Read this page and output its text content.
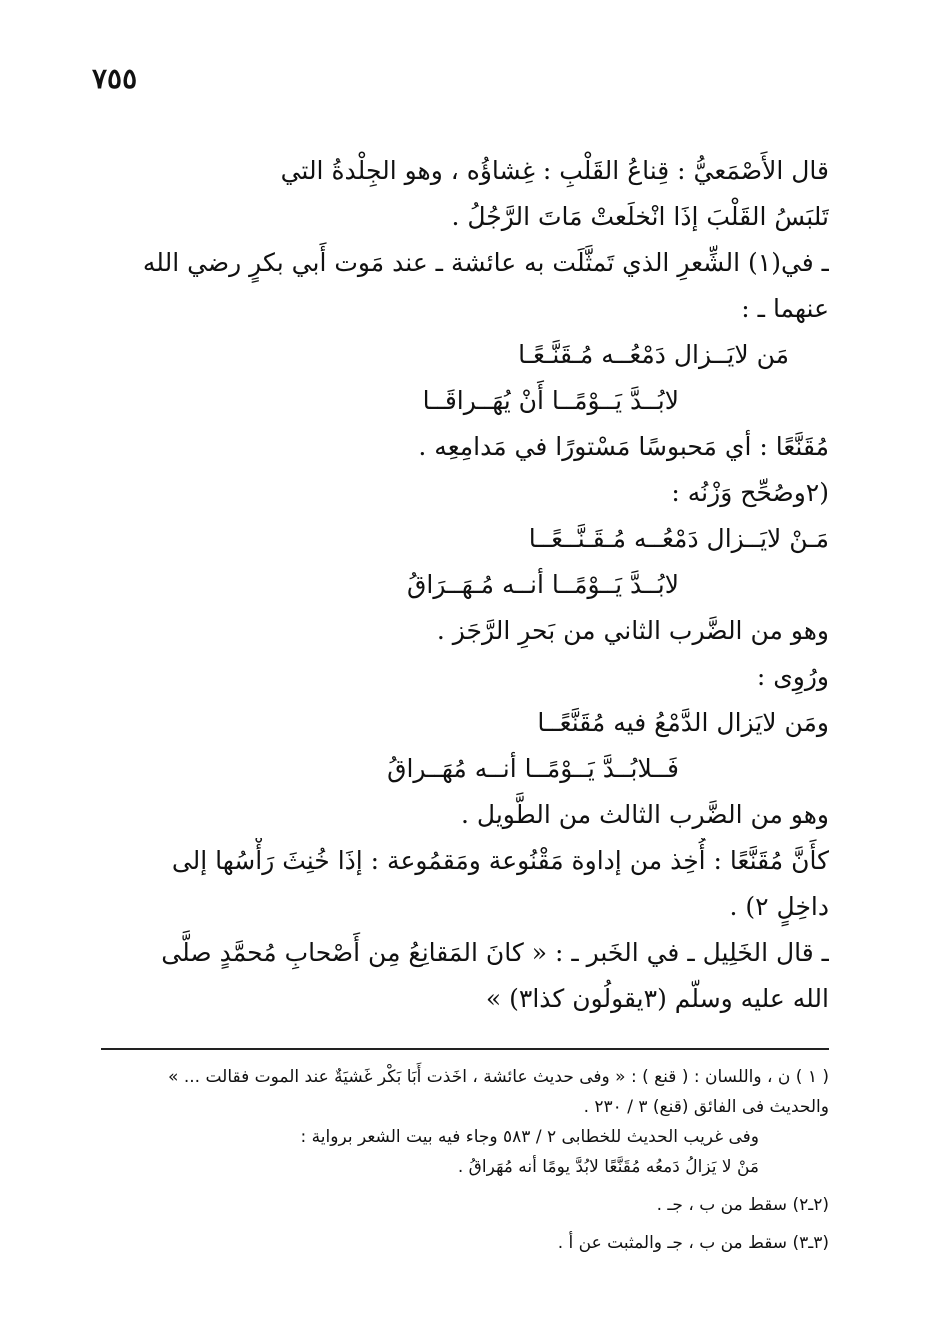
٧٥٥
قال الأَصْمَعيُّ : قِناعُ القَلْبِ : غِشاؤُه ، وهو الجِلْدةُ التي
تَلبَسُ القَلْبَ إذَا انْخلَعتْ مَاتَ الرَّجُلُ .
ـ في(١) الشِّعرِ الذي تَمثَّلَت به عائشة ـ عند مَوت أَبي بكرٍ رضي الله
عنهما ـ :
مَن لايَــزال دَمْعُــه مُـقَنَّـعًـا
لابُــدَّ يَــوْمًــا أَنْ يُهَــراقَــا
مُقَنَّعًا : أي مَحبوسًا مَسْتورًا في مَدامِعِه .
(٢وصُحِّح وَزْنُه :
مَـنْ لايَــزال دَمْعُــه مُـقَـنَّــعًــا
لابُــدَّ يَــوْمًــا أنــه مُـهَــرَاقُ
وهو من الضَّرب الثاني من بَحرِ الرَّجَز .
ورُوِى :
ومَن لايَزال الدَّمْعُ فيه مُقَنَّعًــا
فَــلابُــدَّ يَــوْمًــا أنــه مُهَــراقُ
وهو من الضَّرب الثالث من الطَّويل .
كأَنَّ مُقَنَّعًا : أُخِذ من إداوة مَقْنُوعة ومَقمُوعة : إذَا خُنِثَ رَأْسُها إلى
داخِلٍ ٢) .
ـ قال الخَلِيل ـ في الخَبر ـ : « كانَ المَقانِعُ مِن أَصْحابِ مُحمَّدٍ صلَّى
الله عليه وسلّم (٣يقولُون كذا٣) »
( ١ ) ن ، واللسان : ( قنع ) : « وفى حديث عائشة ، اخَذت أَبَا بَكْر غَشيَةٌ عند الموت فقالت ... »
والحديث فى الفائق (قنع) ٣ / ٢٣٠ .
وفى غريب الحديث للخطابى ٢ / ٥٨٣ وجاء فيه بيت الشعر برواية :
مَنْ لا يَزالُ دَمعُه مُقَنَّعًا لابُدَّ يومًا أنه مُهَراقُ .
(٢ـ٢) سقط من ب ، جـ .
(٣ـ٣) سقط من ب ، جـ والمثبت عن أ .
